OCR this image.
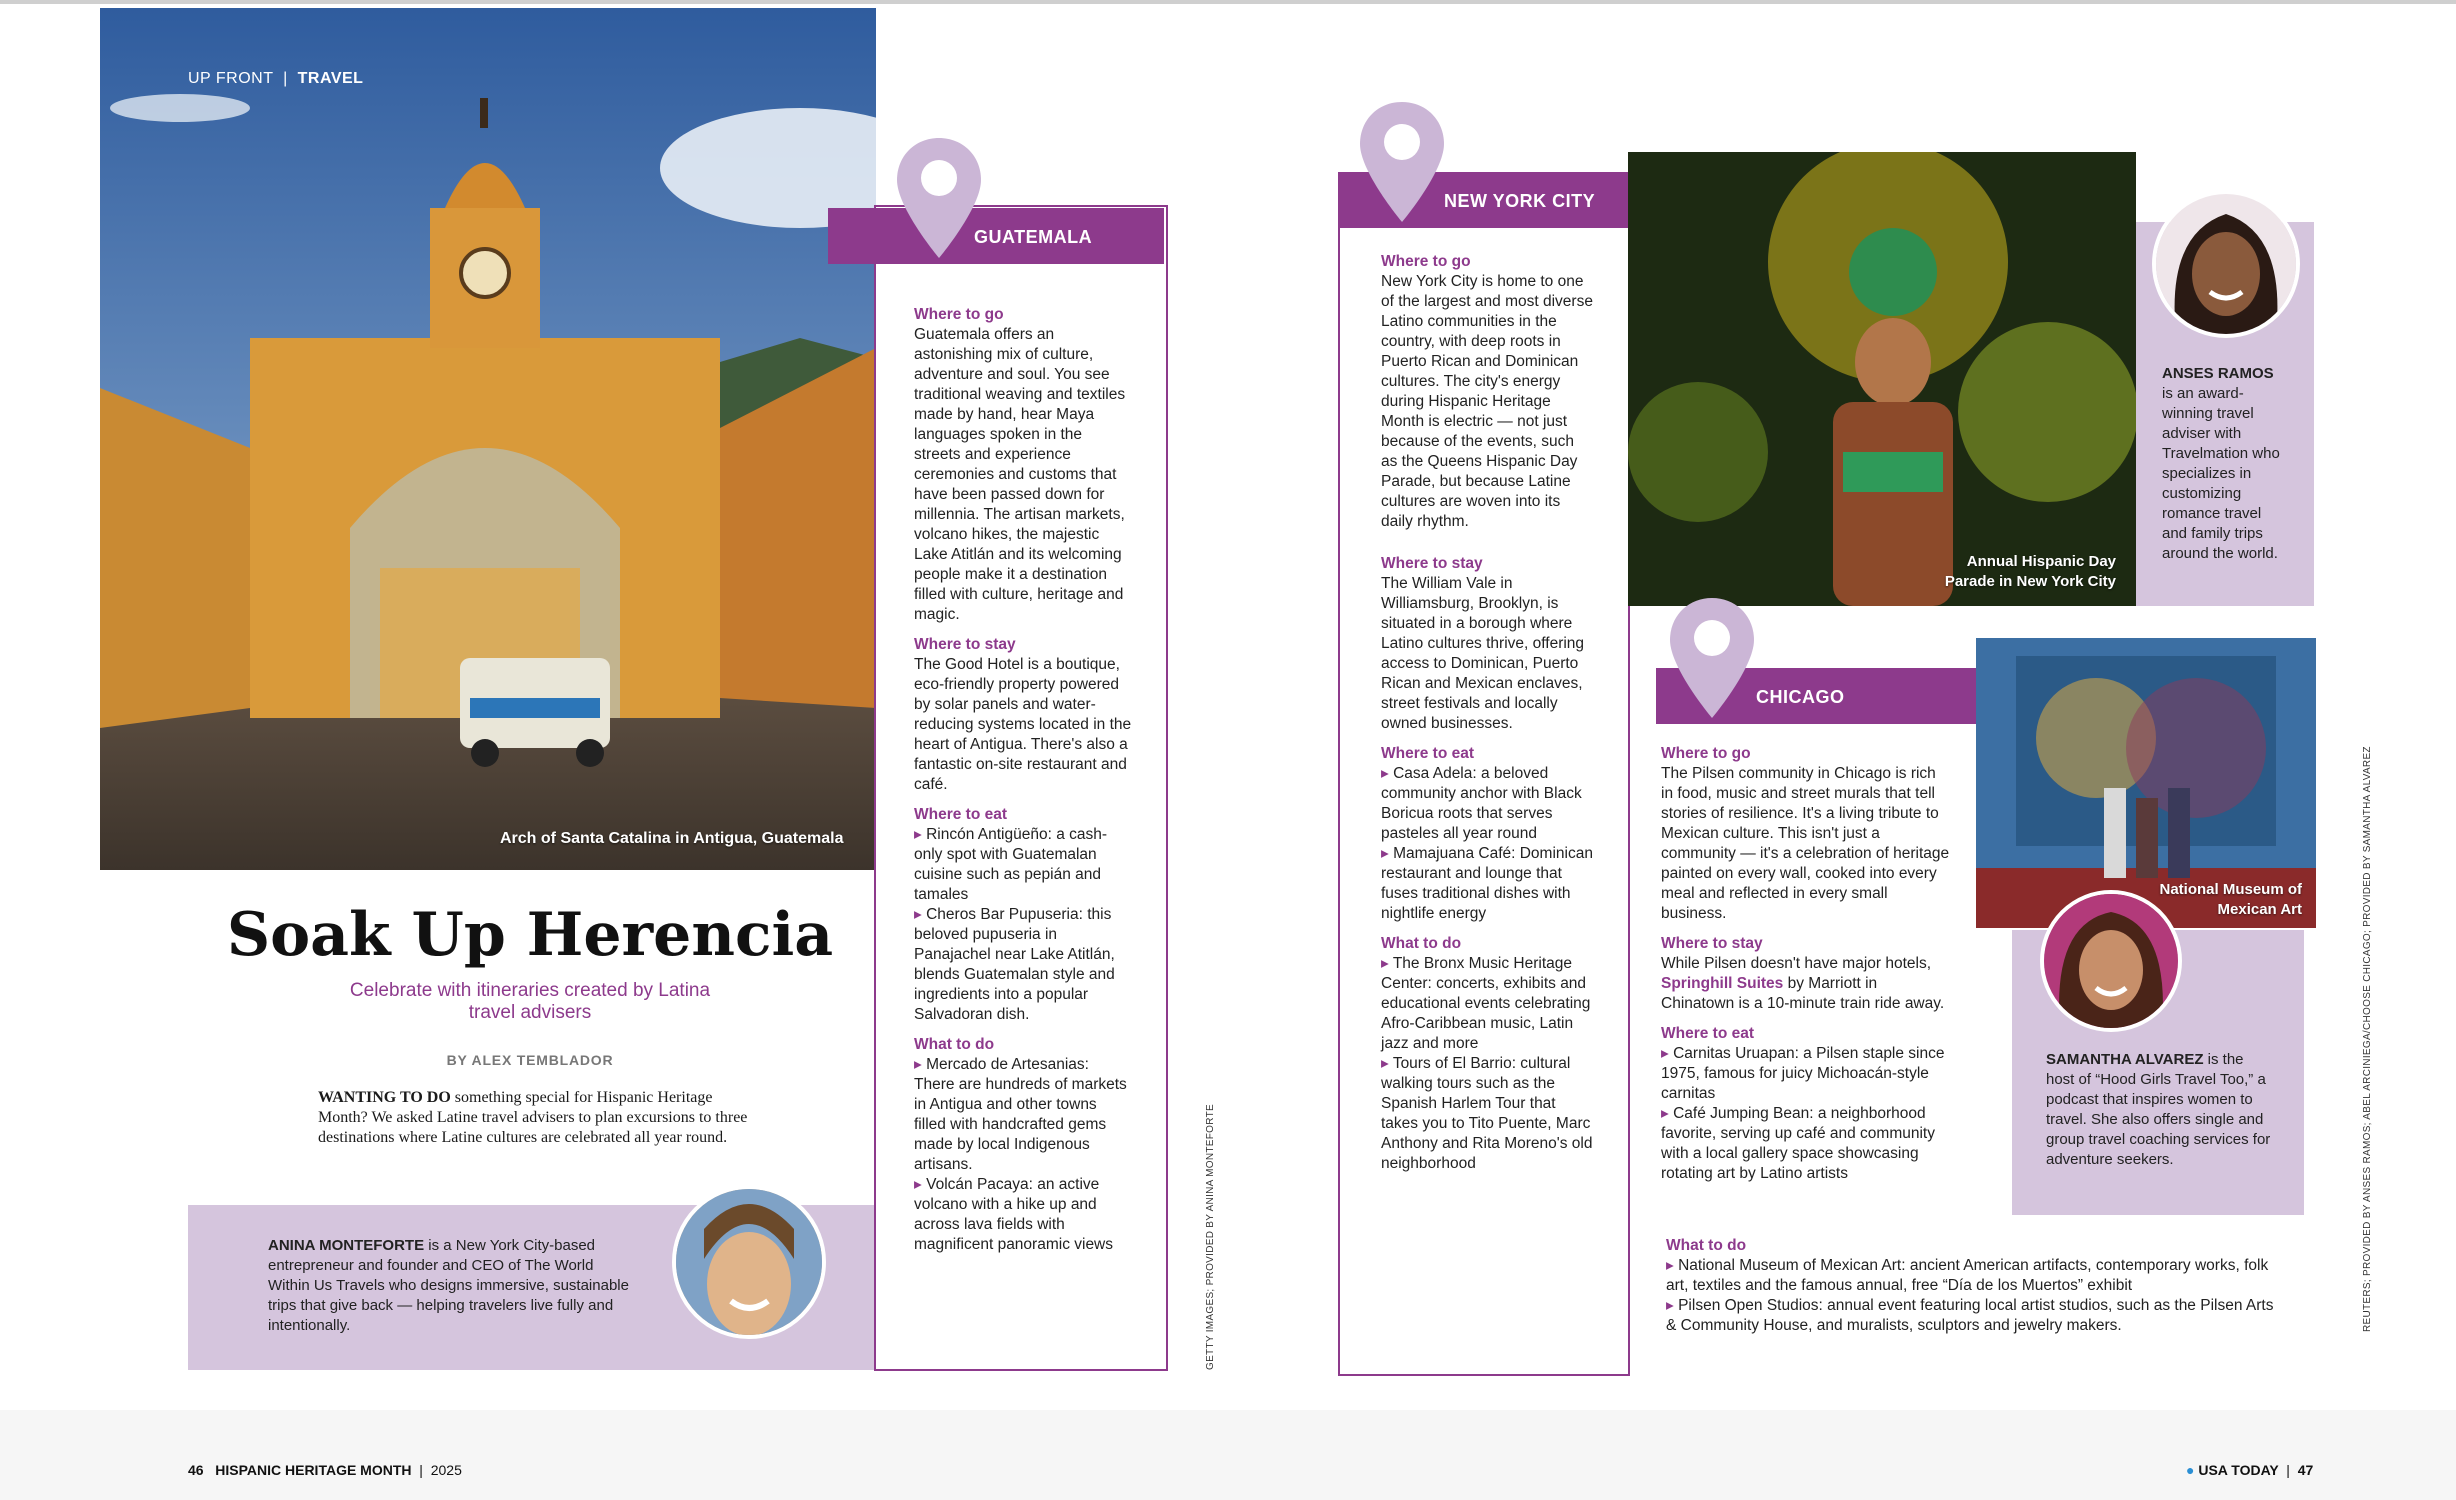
UP FRONT  |  TRAVEL
Arch of Santa Catalina in Antigua, Guatemala
Soak Up Herencia
Celebrate with itineraries created by Latina travel advisers
BY ALEX TEMBLADOR
WANTING TO DO something special for Hispanic Heritage Month? We asked Latine travel advisers to plan excursions to three destinations where Latine cultures are celebrated all year round.
ANINA MONTEFORTE is a New York City-based entrepreneur and founder and CEO of The World Within Us Travels who designs immersive, sustainable trips that give back — helping travelers live fully and intentionally.
GUATEMALA
Where to go
Guatemala offers an astonishing mix of culture, adventure and soul. You see traditional weaving and textiles made by hand, hear Maya languages spoken in the streets and experience ceremonies and customs that have been passed down for millennia. The artisan markets, volcano hikes, the majestic Lake Atitlán and its welcoming people make it a destination filled with culture, heritage and magic.
Where to stay
The Good Hotel is a boutique, eco-friendly property powered by solar panels and water-reducing systems located in the heart of Antigua. There's also a fantastic on-site restaurant and café.
Where to eat
▸ Rincón Antigüeño: a cash-only spot with Guatemalan cuisine such as pepián and tamales
▸ Cheros Bar Pupuseria: this beloved pupuseria in Panajachel near Lake Atitlán, blends Guatemalan style and ingredients into a popular Salvadoran dish.
What to do
▸ Mercado de Artesanias: There are hundreds of markets in Antigua and other towns filled with handcrafted gems made by local Indigenous artisans.
▸ Volcán Pacaya: an active volcano with a hike up and across lava fields with magnificent panoramic views	GETTY IMAGES; PROVIDED BY ANINA MONTEFORTE
46 HISPANIC HERITAGE MONTH  |  2025
NEW YORK CITY
Where to go
New York City is home to one of the largest and most diverse Latino communities in the country, with deep roots in Puerto Rican and Dominican cultures. The city's energy during Hispanic Heritage Month is electric — not just because of the events, such as the Queens Hispanic Day Parade, but because Latine cultures are woven into its daily rhythm.
Where to stay
The William Vale in Williamsburg, Brooklyn, is situated in a borough where Latino cultures thrive, offering access to Dominican, Puerto Rican and Mexican enclaves, street festivals and locally owned businesses.
Where to eat
▸ Casa Adela: a beloved community anchor with Black Boricua roots that serves pasteles all year round
▸ Mamajuana Café: Dominican restaurant and lounge that fuses traditional dishes with nightlife energy
What to do
▸ The Bronx Music Heritage Center: concerts, exhibits and educational events celebrating Afro-Caribbean music, Latin jazz and more
▸ Tours of El Barrio: cultural walking tours such as the Spanish Harlem Tour that takes you to Tito Puente, Marc Anthony and Rita Moreno's old neighborhood
Annual Hispanic Day Parade in New York City
ANSES RAMOS is an award-winning travel adviser with Travelmation who specializes in customizing romance travel and family trips around the world.
CHICAGO
Where to go
The Pilsen community in Chicago is rich in food, music and street murals that tell stories of resilience. It's a living tribute to Mexican culture. This isn't just a community — it's a celebration of heritage painted on every wall, cooked into every meal and reflected in every small business.
Where to stay
While Pilsen doesn't have major hotels, Springhill Suites by Marriott in Chinatown is a 10-minute train ride away.
Where to eat
▸ Carnitas Uruapan: a Pilsen staple since 1975, famous for juicy Michoacán-style carnitas
▸ Café Jumping Bean: a neighborhood favorite, serving up café and community with a local gallery space showcasing rotating art by Latino artists
What to do
▸ National Museum of Mexican Art: ancient American artifacts, contemporary works, folk art, textiles and the famous annual, free “Día de los Muertos” exhibit
▸ Pilsen Open Studios: annual event featuring local artist studios, such as the Pilsen Arts & Community House, and muralists, sculptors and jewelry makers.
National Museum of Mexican Art
SAMANTHA ALVAREZ is the host of “Hood Girls Travel Too,” a podcast that inspires women to travel. She also offers single and group travel coaching services for adventure seekers.	REUTERS; PROVIDED BY ANSES RAMOS; ABEL ARCINIEGA/CHOOSE CHICAGO; PROVIDED BY SAMANTHA ALVAREZ
● USA TODAY  |  47
